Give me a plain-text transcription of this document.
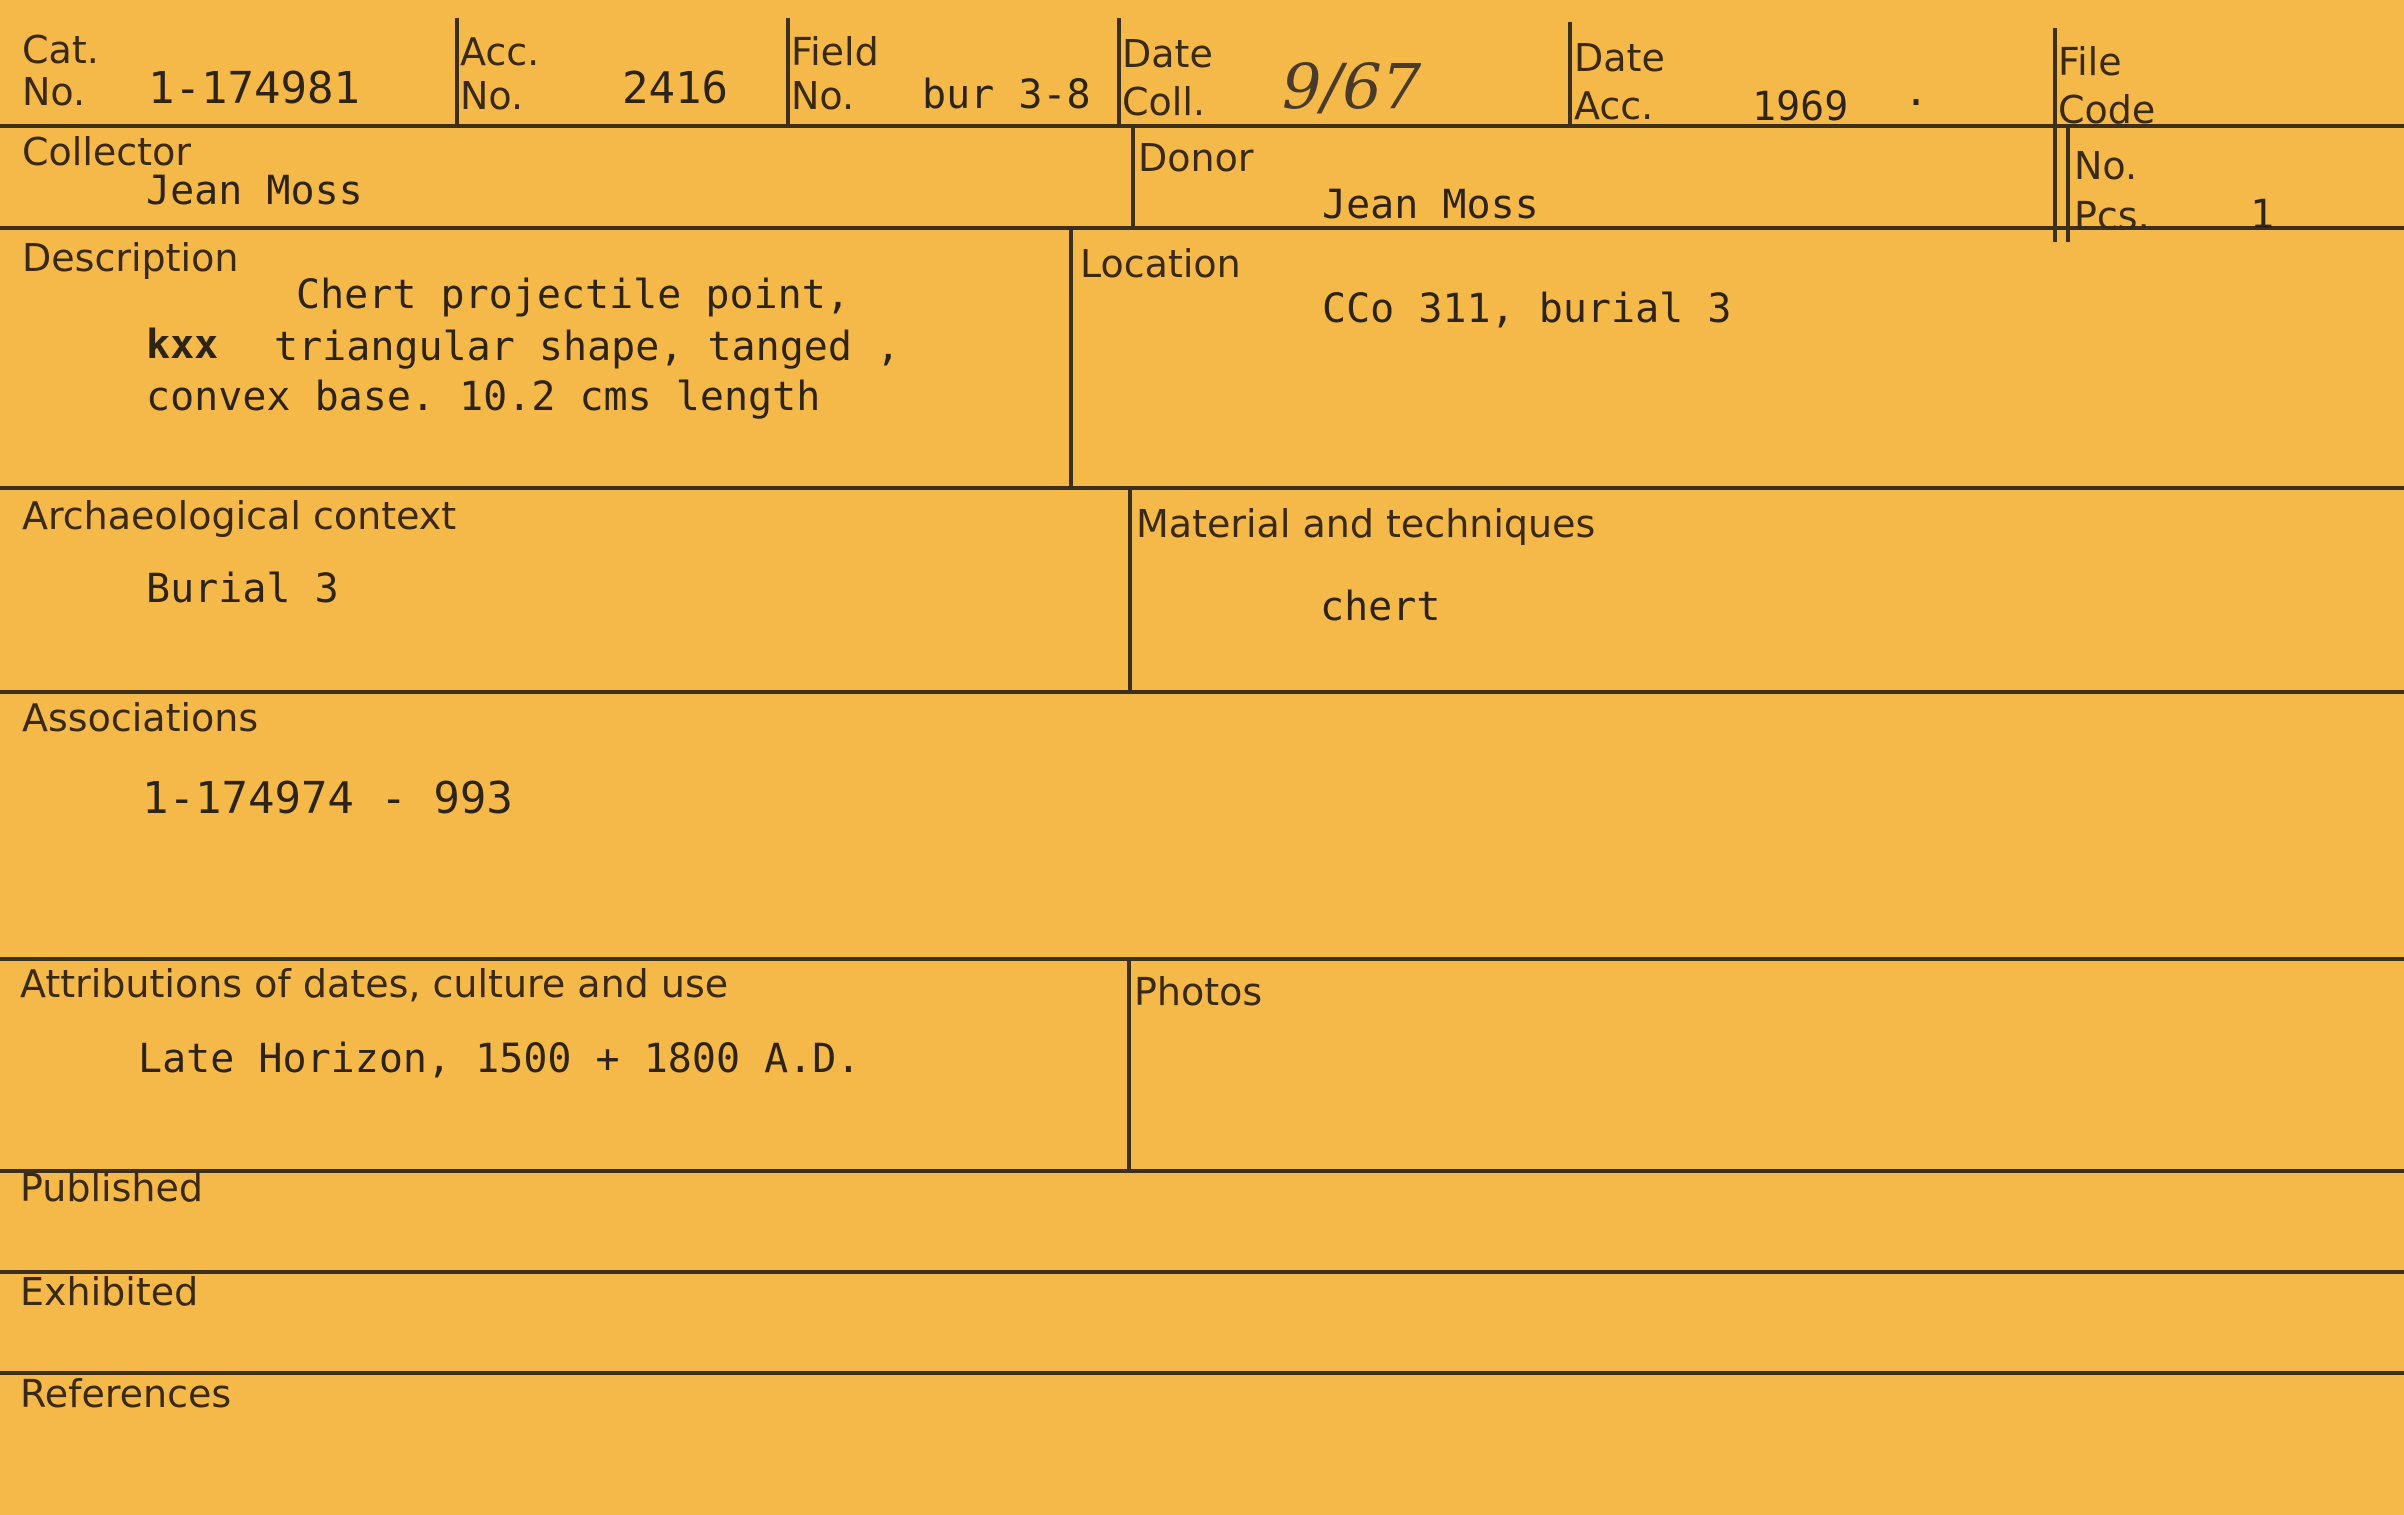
Cat.
No. 1-174981
Acc.
No. 2416
Field
No. bur 3-8
Date
Coll. 9/67	Date
Acc. 1969 ·
File
Code
Collector
Jean Moss
Donor
Jean Moss
No.
Pcs.	1
Description
Chert projectile point,
kxx triangular shape, tanged ,
convex base. 10.2 cms length
Location
CCo 311, burial 3
Archaeological context
Burial 3
Material and techniques
chert
Associations
1-174974 - 993
Attributions of dates, culture and use
Late Horizon, 1500 + 1800 A.D.
Photos
Published
Exhibited
References
